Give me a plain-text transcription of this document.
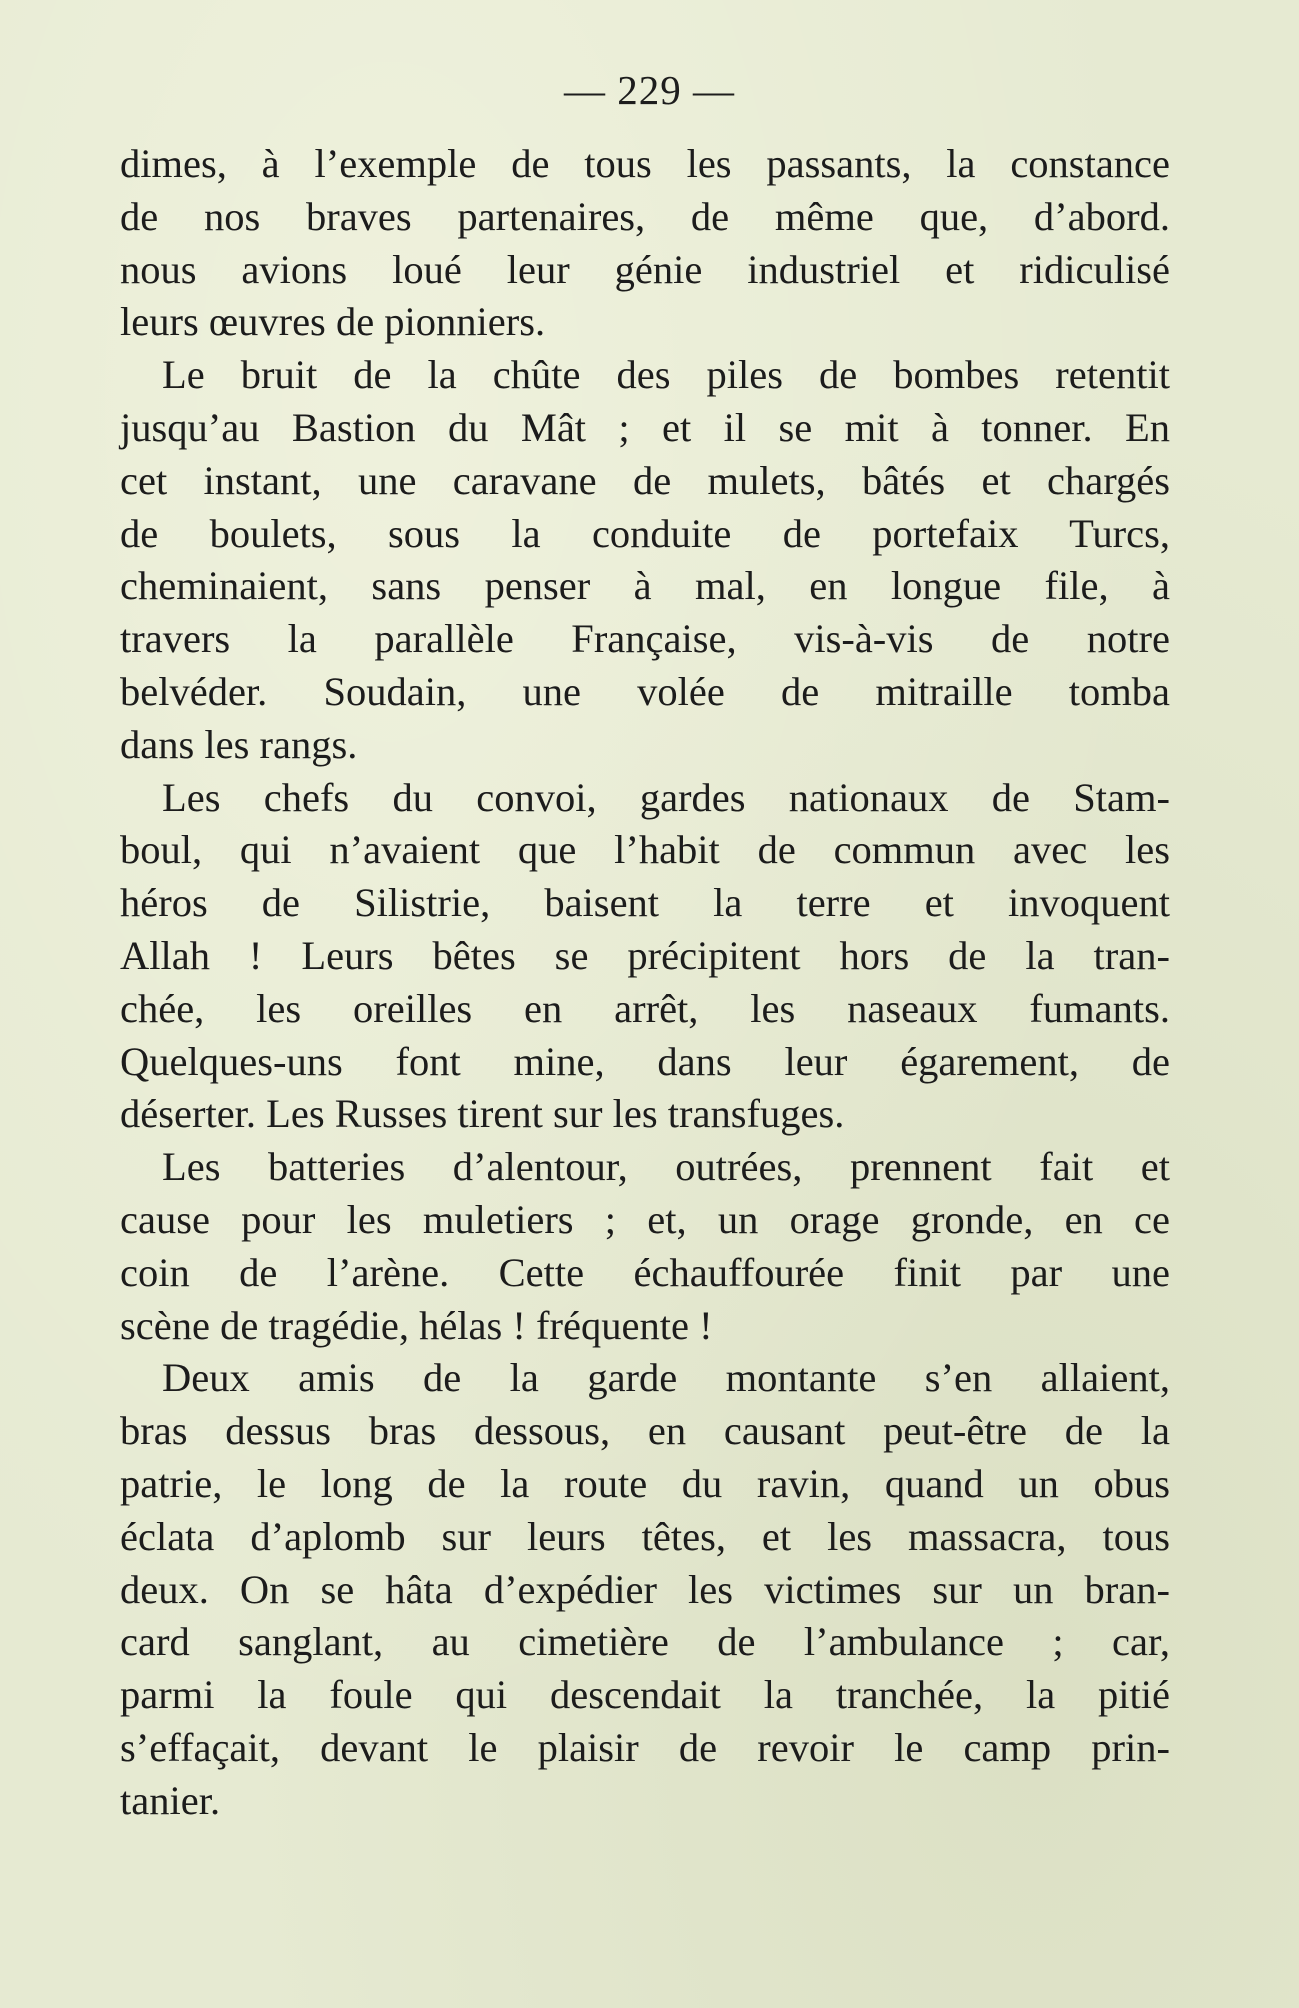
— 229 —
dimes, à l’exemple de tous les passants, la constance
de nos braves partenaires, de même que, d’abord.
nous avions loué leur génie industriel et ridiculisé
leurs œuvres de pionniers.
Le bruit de la chûte des piles de bombes retentit
jusqu’au Bastion du Mât ; et il se mit à tonner. En
cet instant, une caravane de mulets, bâtés et chargés
de boulets, sous la conduite de portefaix Turcs,
cheminaient, sans penser à mal, en longue file, à
travers la parallèle Française, vis-à-vis de notre
belvéder. Soudain, une volée de mitraille tomba
dans les rangs.
Les chefs du convoi, gardes nationaux de Stam-
boul, qui n’avaient que l’habit de commun avec les
héros de Silistrie, baisent la terre et invoquent
Allah ! Leurs bêtes se précipitent hors de la tran-
chée, les oreilles en arrêt, les naseaux fumants.
Quelques-uns font mine, dans leur égarement, de
déserter. Les Russes tirent sur les transfuges.
Les batteries d’alentour, outrées, prennent fait et
cause pour les muletiers ; et, un orage gronde, en ce
coin de l’arène. Cette échauffourée finit par une
scène de tragédie, hélas ! fréquente !
Deux amis de la garde montante s’en allaient,
bras dessus bras dessous, en causant peut-être de la
patrie, le long de la route du ravin, quand un obus
éclata d’aplomb sur leurs têtes, et les massacra, tous
deux. On se hâta d’expédier les victimes sur un bran-
card sanglant, au cimetière de l’ambulance ; car,
parmi la foule qui descendait la tranchée, la pitié
s’effaçait, devant le plaisir de revoir le camp prin-
tanier.
